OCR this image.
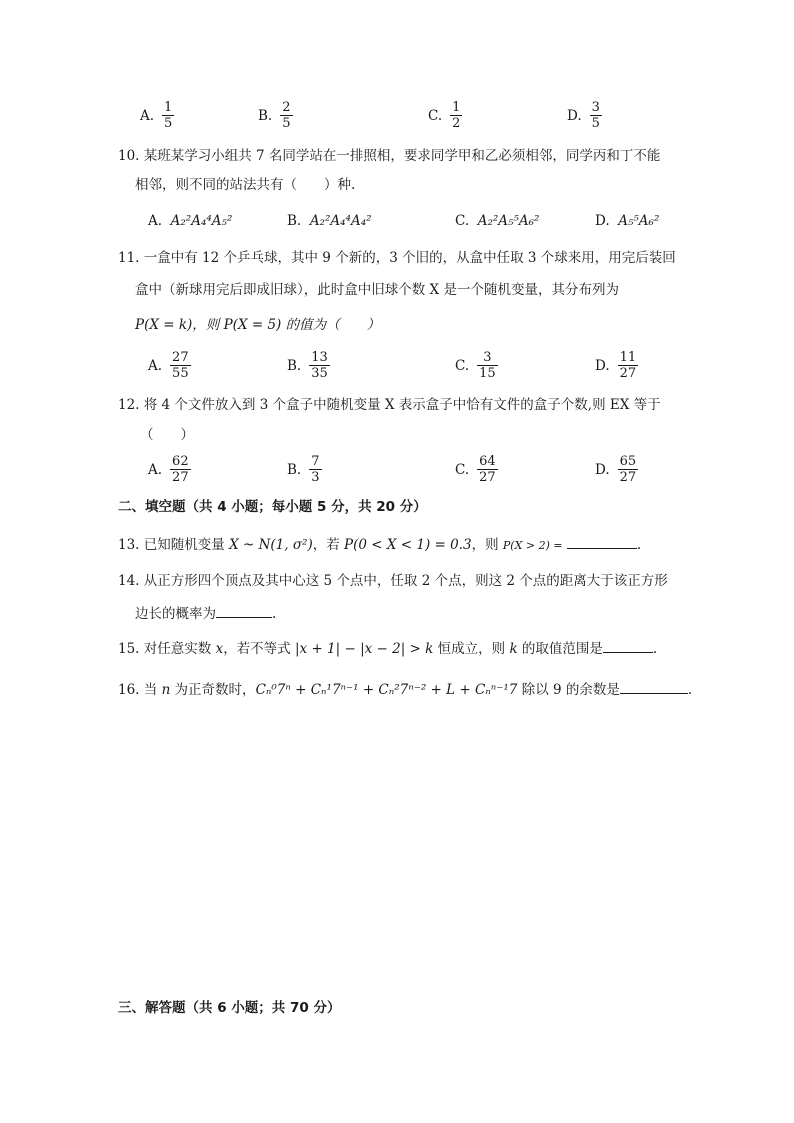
A. $\frac{1}{5}$	B. $\frac{2}{5}$	C. $\frac{1}{2}$	D. $\frac{3}{5}$
10. 某班某学习小组共 7 名同学站在一排照相，要求同学甲和乙必须相邻，同学丙和丁不能
相邻，则不同的站法共有（　　）种.
A. A₂²A₄⁴A₅²	B. A₂²A₄⁴A₄²	C. A₂²A₅⁵A₆²	D. A₅⁵A₆²
11. 一盒中有 12 个乒乓球，其中 9 个新的，3 个旧的，从盒中任取 3 个球来用，用完后装回
盒中（新球用完后即成旧球），此时盒中旧球个数 X 是一个随机变量，其分布列为
P(X = k)，则 P(X = 5) 的值为（　　）
A. $\frac{27}{55}$	B. $\frac{13}{35}$	C. $\frac{3}{15}$	D. $\frac{11}{27}$
12. 将 4 个文件放入到 3 个盒子中随机变量 X 表示盒子中恰有文件的盒子个数,则 EX 等于
（　　）
A. $\frac{62}{27}$	B. $\frac{7}{3}$	C. $\frac{64}{27}$	D. $\frac{65}{27}$
二、填空题（共 4 小题；每小题 5 分，共 20 分）
13. 已知随机变量 X ~ N(1, σ²)，若 P(0 < X < 1) = 0.3，则 P(X > 2) =	.
14. 从正方形四个顶点及其中心这 5 个点中，任取 2 个点，则这 2 个点的距离大于该正方形
边长的概率为	.
15. 对任意实数 x，若不等式 |x + 1| − |x − 2| > k 恒成立，则 k 的取值范围是	.
16. 当 n 为正奇数时，Cₙ⁰7ⁿ + Cₙ¹7ⁿ⁻¹ + Cₙ²7ⁿ⁻² + L + Cₙⁿ⁻¹7 除以 9 的余数是	.
三、解答题（共 6 小题；共 70 分）
